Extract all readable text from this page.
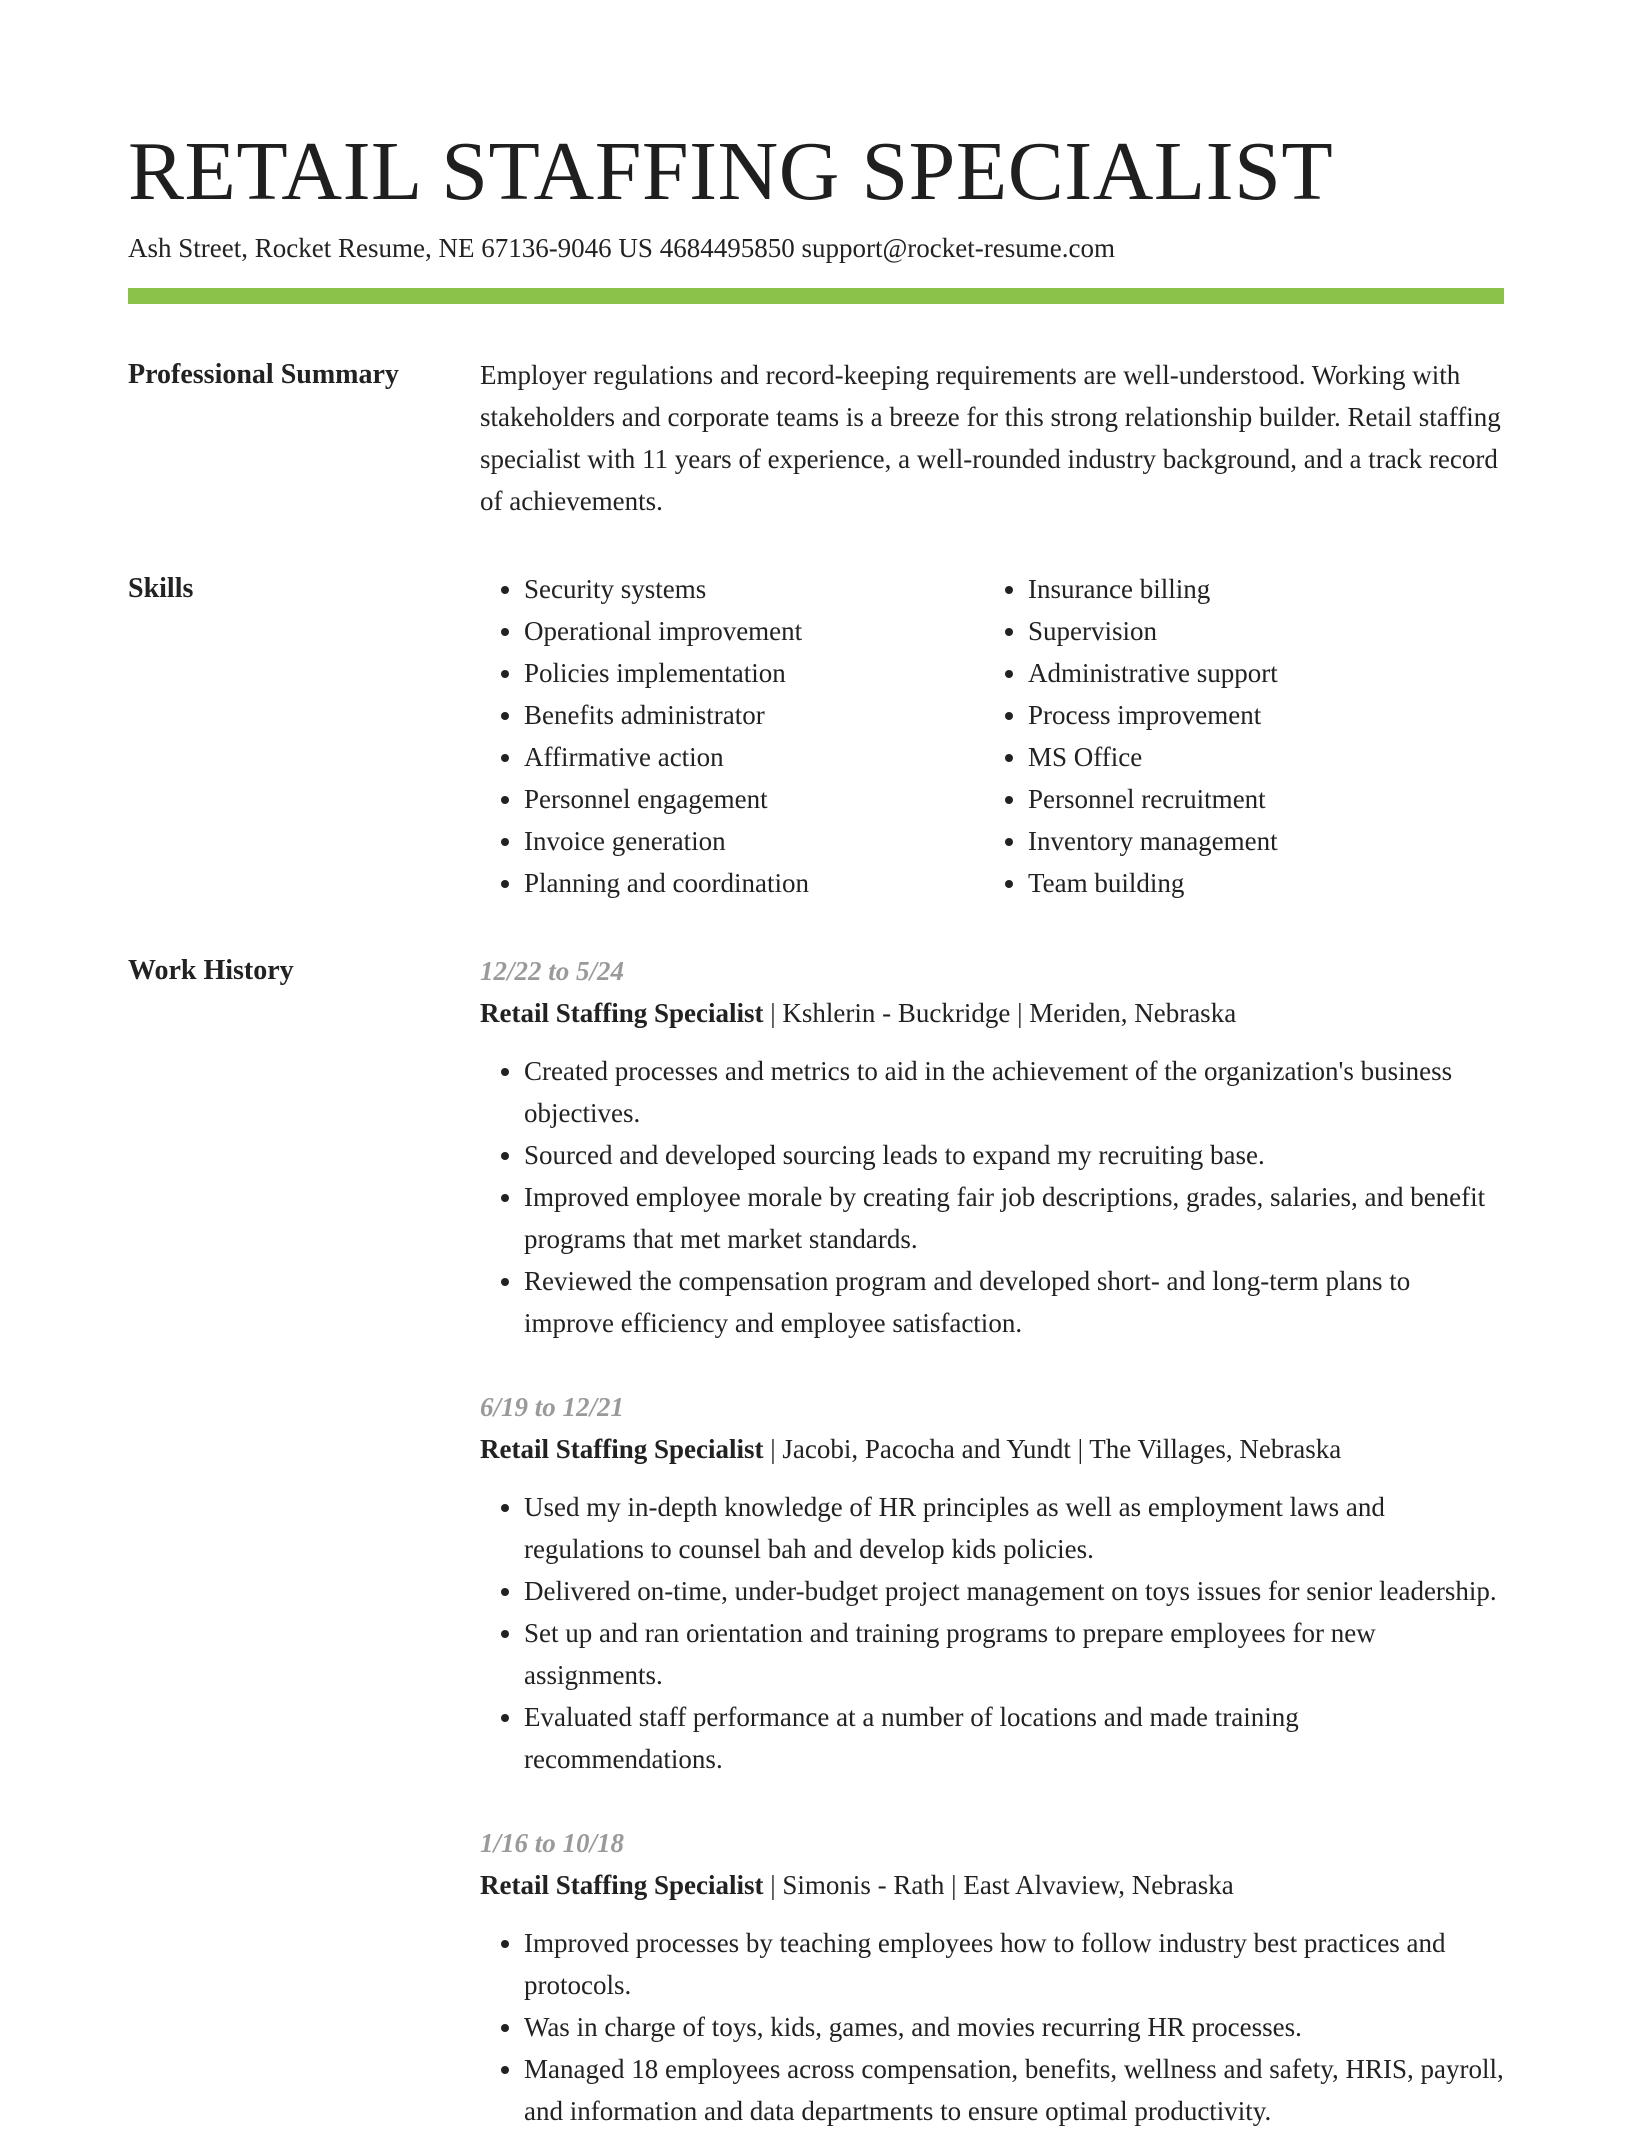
RETAIL STAFFING SPECIALIST
Ash Street, Rocket Resume, NE 67136-9046 US 4684495850 support@rocket-resume.com
Professional Summary	Employer regulations and record-keeping requirements are well-understood. Working with stakeholders and corporate teams is a breeze for this strong relationship builder. Retail staffing specialist with 11 years of experience, a well-rounded industry background, and a track record of achievements.

Skills
•	Security systems
• Operational improvement
• Policies implementation
• Benefits administrator
• Affirmative action
• Personnel engagement
• Invoice generation
• Planning and coordination
• Insurance billing
• Supervision
• Administrative support
• Process improvement
• MS Office
• Personnel recruitment
• Inventory management
• Team building
Work History	12/22 to 5/24
Retail Staffing Specialist | Kshlerin - Buckridge | Meriden, Nebraska
• Created processes and metrics to aid in the achievement of the organization's business objectives.
• Sourced and developed sourcing leads to expand my recruiting base.
• Improved employee morale by creating fair job descriptions, grades, salaries, and benefit programs that met market standards.
• Reviewed the compensation program and developed short- and long-term plans to improve efficiency and employee satisfaction.
6/19 to 12/21
Retail Staffing Specialist | Jacobi, Pacocha and Yundt | The Villages, Nebraska
• Used my in-depth knowledge of HR principles as well as employment laws and regulations to counsel bah and develop kids policies.
• Delivered on-time, under-budget project management on toys issues for senior leadership.
• Set up and ran orientation and training programs to prepare employees for new assignments.
• Evaluated staff performance at a number of locations and made training recommendations.
1/16 to 10/18
Retail Staffing Specialist | Simonis - Rath | East Alvaview, Nebraska
• Improved processes by teaching employees how to follow industry best practices and protocols.
• Was in charge of toys, kids, games, and movies recurring HR processes.
• Managed 18 employees across compensation, benefits, wellness and safety, HRIS, payroll, and information and data departments to ensure optimal productivity.
